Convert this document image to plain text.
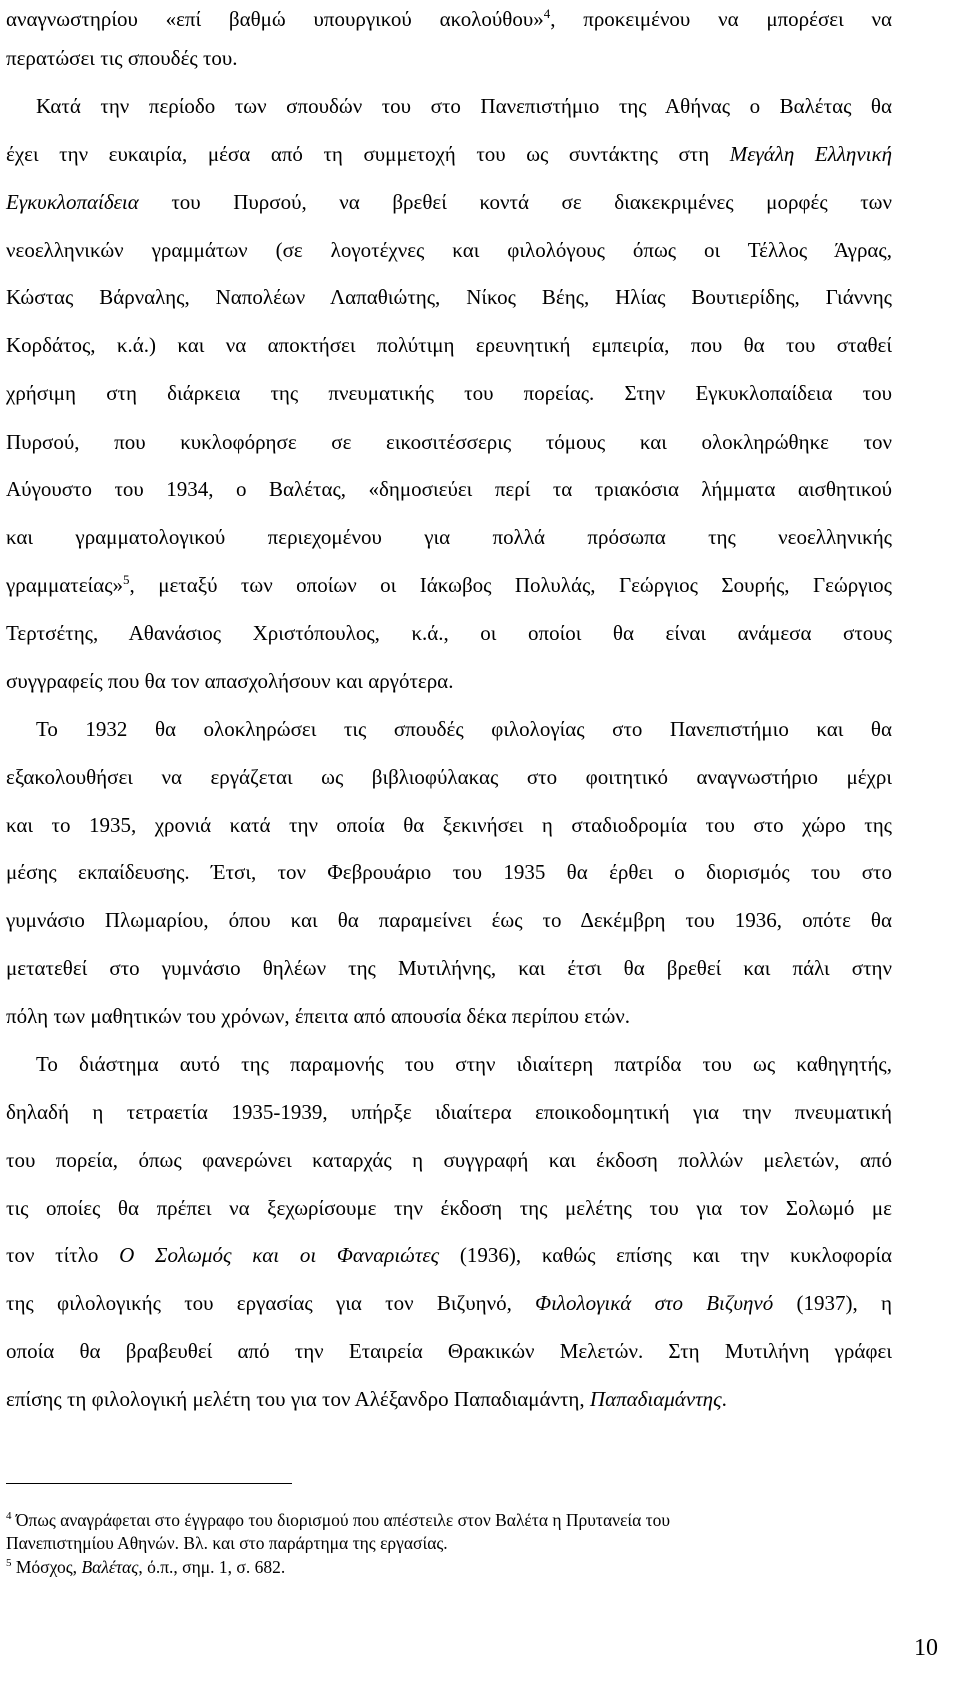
αναγνωστηρίου «επί βαθμώ υπουργικού ακολούθου»$^4$, προκειμένου να μπορέσει να
περατώσει τις σπουδές του.
Κατά την περίοδο των σπουδών του στο Πανεπιστήμιο της Αθήνας ο Βαλέτας θα
έχει την ευκαιρία, μέσα από τη συμμετοχή του ως συντάκτης στη Μεγάλη Ελληνική
Εγκυκλοπαίδεια του Πυρσού, να βρεθεί κοντά σε διακεκριμένες μορφές των
νεοελληνικών γραμμάτων (σε λογοτέχνες και φιλολόγους όπως οι Τέλλος Άγρας,
Κώστας Βάρναλης, Ναπολέων Λαπαθιώτης, Νίκος Βέης, Ηλίας Βουτιερίδης, Γιάννης
Κορδάτος, κ.ά.) και να αποκτήσει πολύτιμη ερευνητική εμπειρία, που θα του σταθεί
χρήσιμη στη διάρκεια της πνευματικής του πορείας. Στην Εγκυκλοπαίδεια του
Πυρσού, που κυκλοφόρησε σε εικοσιτέσσερις τόμους και ολοκληρώθηκε τον
Αύγουστο του 1934, ο Βαλέτας, «δημοσιεύει περί τα τριακόσια λήμματα αισθητικού
και γραμματολογικού περιεχομένου για πολλά πρόσωπα της νεοελληνικής
γραμματείας»$^5$, μεταξύ των οποίων οι Ιάκωβος Πολυλάς, Γεώργιος Σουρής, Γεώργιος
Τερτσέτης, Αθανάσιος Χριστόπουλος, κ.ά., οι οποίοι θα είναι ανάμεσα στους
συγγραφείς που θα τον απασχολήσουν και αργότερα.
Το 1932 θα ολοκληρώσει τις σπουδές φιλολογίας στο Πανεπιστήμιο και θα
εξακολουθήσει να εργάζεται ως βιβλιοφύλακας στο φοιτητικό αναγνωστήριο μέχρι
και το 1935, χρονιά κατά την οποία θα ξεκινήσει η σταδιοδρομία του στο χώρο της
μέσης εκπαίδευσης. Έτσι, τον Φεβρουάριο του 1935 θα έρθει ο διορισμός του στο
γυμνάσιο Πλωμαρίου, όπου και θα παραμείνει έως το Δεκέμβρη του 1936, οπότε θα
μετατεθεί στο γυμνάσιο θηλέων της Μυτιλήνης, και έτσι θα βρεθεί και πάλι στην
πόλη των μαθητικών του χρόνων, έπειτα από απουσία δέκα περίπου ετών.
Το διάστημα αυτό της παραμονής του στην ιδιαίτερη πατρίδα του ως καθηγητής,
δηλαδή η τετραετία 1935-1939, υπήρξε ιδιαίτερα εποικοδομητική για την πνευματική
του πορεία, όπως φανερώνει καταρχάς η συγγραφή και έκδοση πολλών μελετών, από
τις οποίες θα πρέπει να ξεχωρίσουμε την έκδοση της μελέτης του για τον Σολωμό με
τον τίτλο Ο Σολωμός και οι Φαναριώτες (1936), καθώς επίσης και την κυκλοφορία
της φιλολογικής του εργασίας για τον Βιζυηνό, Φιλολογικά στο Βιζυηνό (1937), η
οποία θα βραβευθεί από την Εταιρεία Θρακικών Μελετών. Στη Μυτιλήνη γράφει
επίσης τη φιλολογική μελέτη του για τον Αλέξανδρο Παπαδιαμάντη, Παπαδιαμάντης.
$^4$ Όπως αναγράφεται στο έγγραφο του διορισμού που απέστειλε στον Βαλέτα η Πρυτανεία του
Πανεπιστημίου Αθηνών. Βλ. και στο παράρτημα της εργασίας.
$^5$ Μόσχος, Βαλέτας, ό.π., σημ. 1, σ. 682.
10
